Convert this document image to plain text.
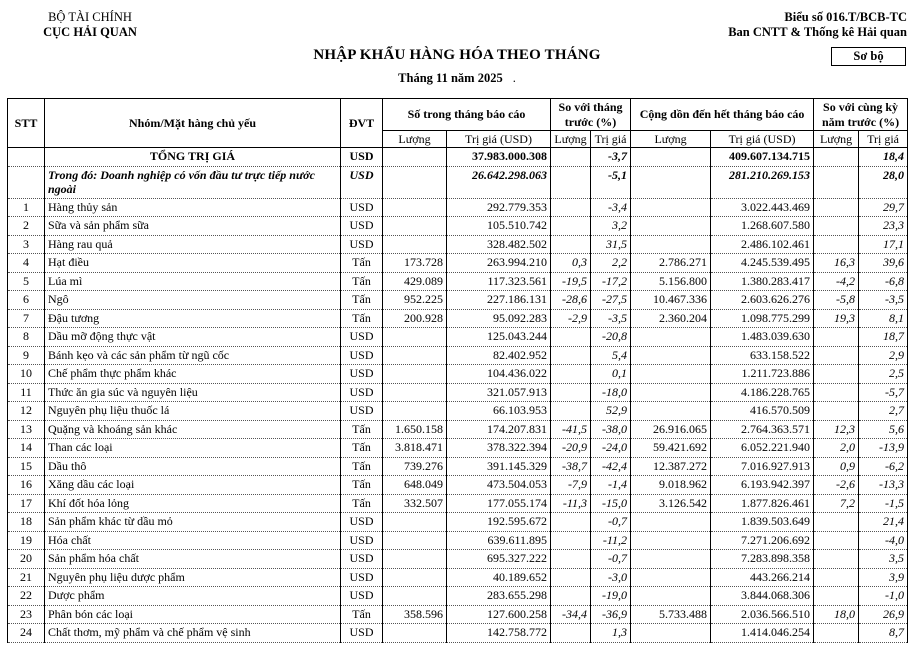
BỘ TÀI CHÍNH
CỤC HẢI QUAN
Biểu số 016.T/BCB-TC
Ban CNTT & Thống kê Hải quan
NHẬP KHẨU HÀNG HÓA THEO THÁNG	Sơ bộ
Tháng 11 năm 2025 .
STT	Nhóm/Mặt hàng chủ yếu	ĐVT	Số trong tháng báo cáo		So với tháng trước (%)		Cộng dồn đến hết tháng báo cáo		So với cùng kỳ năm trước (%)	
			Lượng	Trị giá (USD)	Lượng	Trị giá	Lượng	Trị giá (USD)	Lượng	Trị giá
	TỔNG TRỊ GIÁ	USD		37.983.000.308		-3,7		409.607.134.715		18,4
	Trong đó: Doanh nghiệp có vốn đầu tư trực tiếp nước ngoài	USD		26.642.298.063		-5,1		281.210.269.153		28,0
1	Hàng thủy sản	USD		292.779.353		-3,4		3.022.443.469		29,7
2	Sữa và sản phẩm sữa	USD		105.510.742		3,2		1.268.607.580		23,3
3	Hàng rau quả	USD		328.482.502		31,5		2.486.102.461		17,1
4	Hạt điều	Tấn	173.728	263.994.210	0,3	2,2	2.786.271	4.245.539.495	16,3	39,6
5	Lúa mì	Tấn	429.089	117.323.561	-19,5	-17,2	5.156.800	1.380.283.417	-4,2	-6,8
6	Ngô	Tấn	952.225	227.186.131	-28,6	-27,5	10.467.336	2.603.626.276	-5,8	-3,5
7	Đậu tương	Tấn	200.928	95.092.283	-2,9	-3,5	2.360.204	1.098.775.299	19,3	8,1
8	Dầu mỡ động thực vật	USD		125.043.244		-20,8		1.483.039.630		18,7
9	Bánh kẹo và các sản phẩm từ ngũ cốc	USD		82.402.952		5,4		633.158.522		2,9
10	Chế phẩm thực phẩm khác	USD		104.436.022		0,1		1.211.723.886		2,5
11	Thức ăn gia súc và nguyên liệu	USD		321.057.913		-18,0		4.186.228.765		-5,7
12	Nguyên phụ liệu thuốc lá	USD		66.103.953		52,9		416.570.509		2,7
13	Quặng và khoáng sản khác	Tấn	1.650.158	174.207.831	-41,5	-38,0	26.916.065	2.764.363.571	12,3	5,6
14	Than các loại	Tấn	3.818.471	378.322.394	-20,9	-24,0	59.421.692	6.052.221.940	2,0	-13,9
15	Dầu thô	Tấn	739.276	391.145.329	-38,7	-42,4	12.387.272	7.016.927.913	0,9	-6,2
16	Xăng dầu các loại	Tấn	648.049	473.504.053	-7,9	-1,4	9.018.962	6.193.942.397	-2,6	-13,3
17	Khí đốt hóa lỏng	Tấn	332.507	177.055.174	-11,3	-15,0	3.126.542	1.877.826.461	7,2	-1,5
18	Sản phẩm khác từ dầu mỏ	USD		192.595.672		-0,7		1.839.503.649		21,4
19	Hóa chất	USD		639.611.895		-11,2		7.271.206.692		-4,0
20	Sản phẩm hóa chất	USD		695.327.222		-0,7		7.283.898.358		3,5
21	Nguyên phụ liệu dược phẩm	USD		40.189.652		-3,0		443.266.214		3,9
22	Dược phẩm	USD		283.655.298		-19,0		3.844.068.306		-1,0
23	Phân bón các loại	Tấn	358.596	127.600.258	-34,4	-36,9	5.733.488	2.036.566.510	18,0	26,9
24	Chất thơm, mỹ phẩm và chế phẩm vệ sinh	USD		142.758.772		1,3		1.414.046.254		8,7
